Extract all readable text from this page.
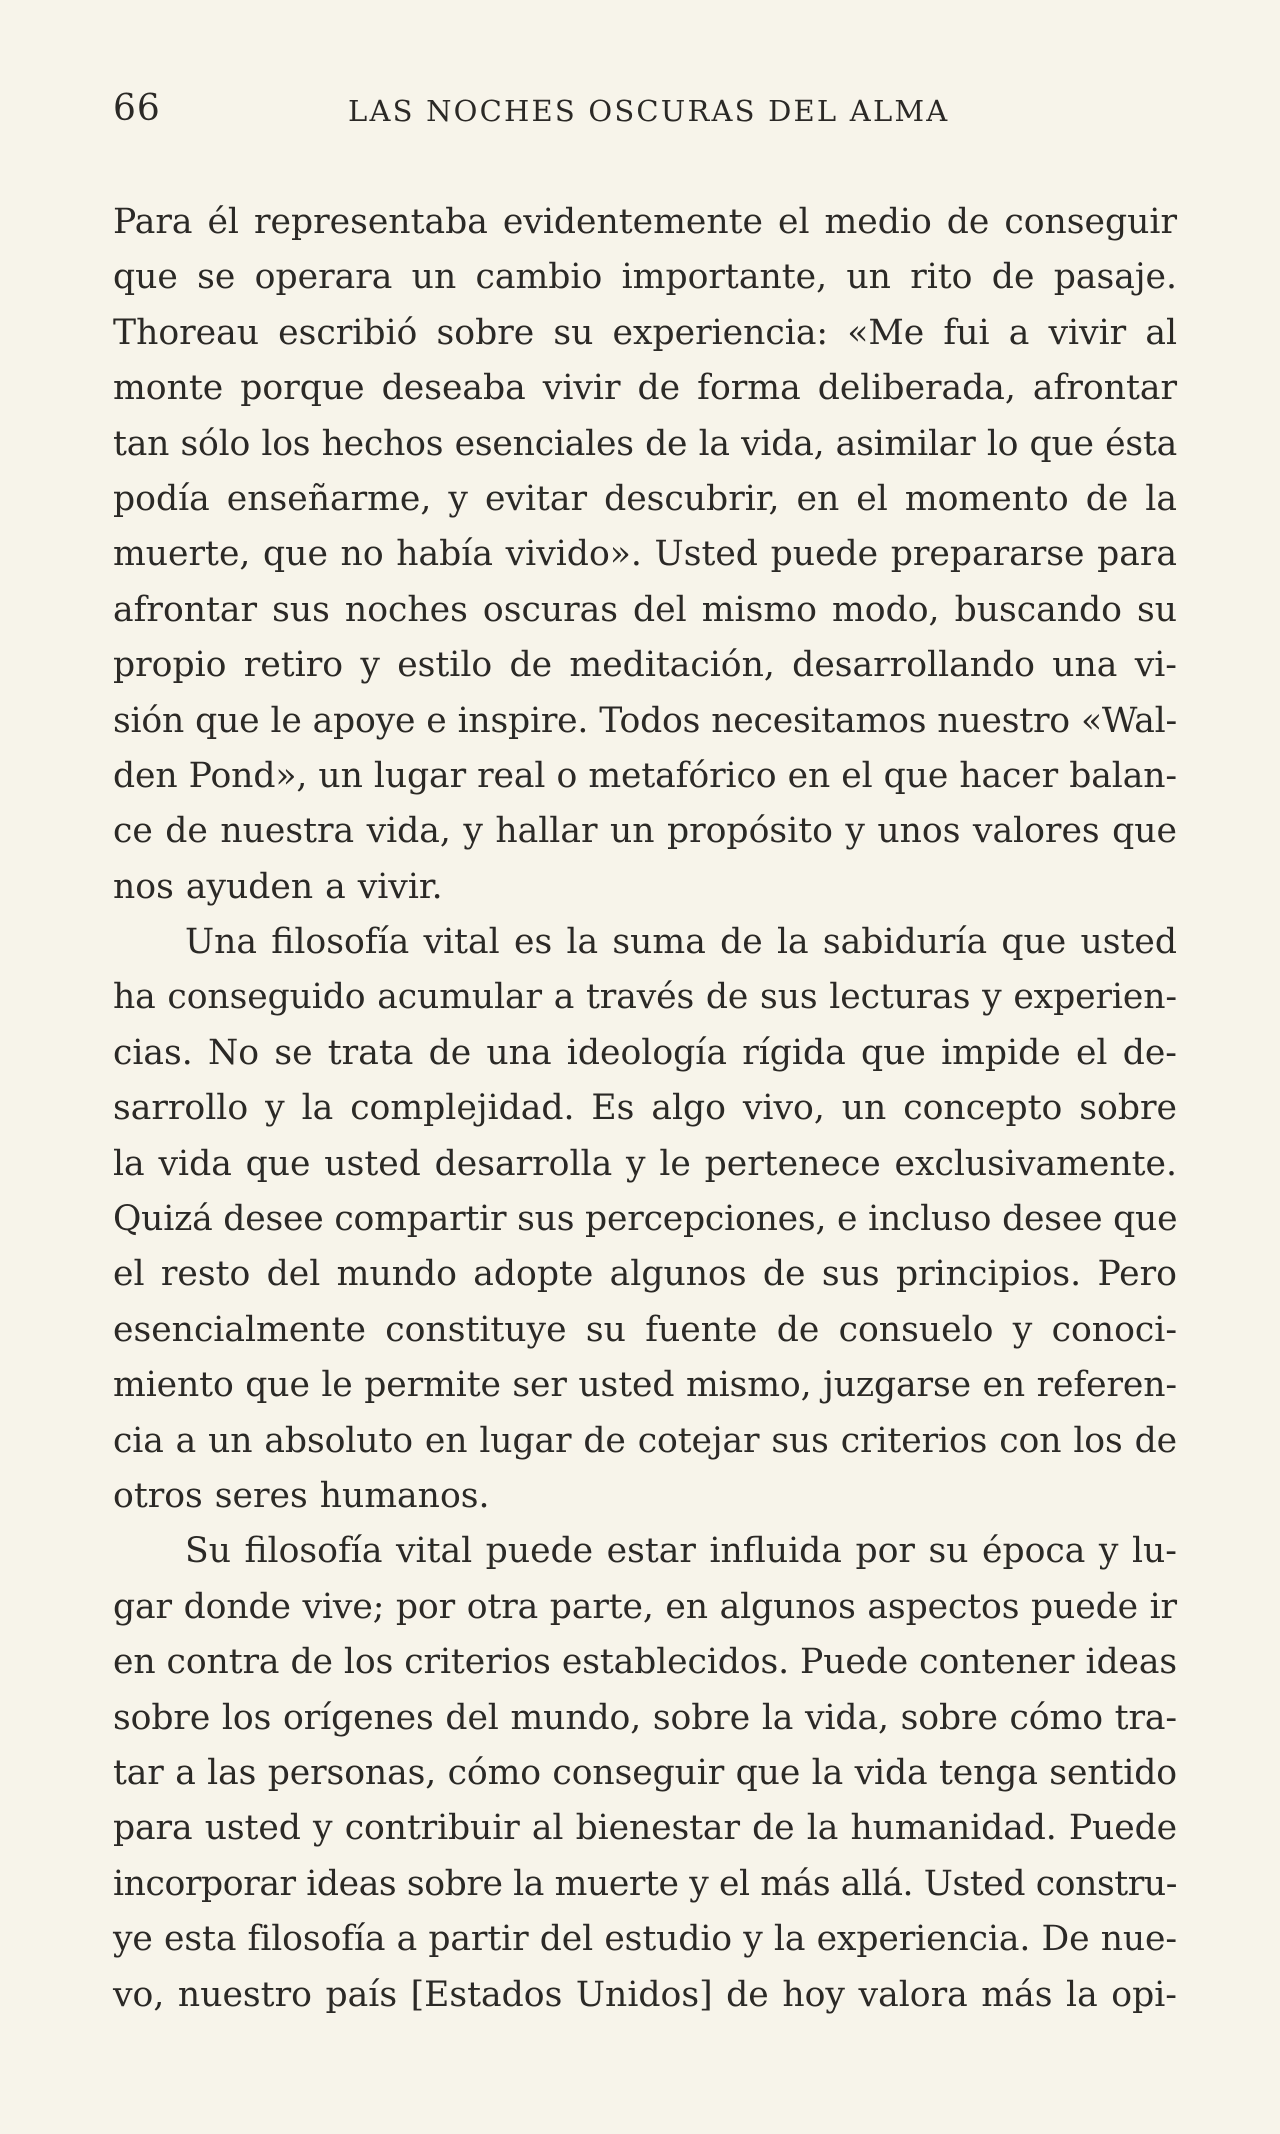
66	LAS NOCHES OSCURAS DEL ALMA
Para él representaba evidentemente el medio de conseguir
que se operara un cambio importante, un rito de pasaje.
Thoreau escribió sobre su experiencia: «Me fui a vivir al
monte porque deseaba vivir de forma deliberada, afrontar
tan sólo los hechos esenciales de la vida, asimilar lo que ésta
podía enseñarme, y evitar descubrir, en el momento de la
muerte, que no había vivido». Usted puede prepararse para
afrontar sus noches oscuras del mismo modo, buscando su
propio retiro y estilo de meditación, desarrollando una vi-
sión que le apoye e inspire. Todos necesitamos nuestro «Wal-
den Pond», un lugar real o metafórico en el que hacer balan-
ce de nuestra vida, y hallar un propósito y unos valores que
nos ayuden a vivir.
Una filosofía vital es la suma de la sabiduría que usted
ha conseguido acumular a través de sus lecturas y experien-
cias. No se trata de una ideología rígida que impide el de-
sarrollo y la complejidad. Es algo vivo, un concepto sobre
la vida que usted desarrolla y le pertenece exclusivamente.
Quizá desee compartir sus percepciones, e incluso desee que
el resto del mundo adopte algunos de sus principios. Pero
esencialmente constituye su fuente de consuelo y conoci-
miento que le permite ser usted mismo, juzgarse en referen-
cia a un absoluto en lugar de cotejar sus criterios con los de
otros seres humanos.
Su filosofía vital puede estar influida por su época y lu-
gar donde vive; por otra parte, en algunos aspectos puede ir
en contra de los criterios establecidos. Puede contener ideas
sobre los orígenes del mundo, sobre la vida, sobre cómo tra-
tar a las personas, cómo conseguir que la vida tenga sentido
para usted y contribuir al bienestar de la humanidad. Puede
incorporar ideas sobre la muerte y el más allá. Usted constru-
ye esta filosofía a partir del estudio y la experiencia. De nue-
vo, nuestro país [Estados Unidos] de hoy valora más la opi-
